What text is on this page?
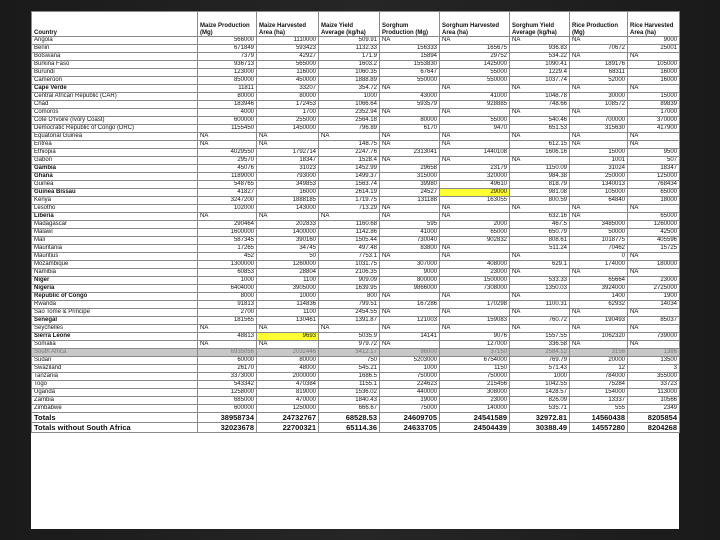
Country	Maize Production (Mg)	Maize Harvested Area (ha)	Maize Yield Average (kg/ha)	Sorghum Production (Mg)	Sorghum Harvested Area (ha)	Sorghum Yield Average (kg/ha)	Rice Production (Mg)	Rice Harvested Area (ha)	
Angola	566000	1110000	509.91	NA	NA	NA	NA	9000	
Benin	671849	593423	1132.33	156333	165675	936.83	70672	25001	
Botswana	7379	42927	171.9	15894	29752	534.22	NA	NA	
Burkina Faso	936713	565000	1603.2	1553830	1425000	1090.41	189176	105000	
Burundi	123000	116000	1060.35	67647	55000	1229.4	68311	16000	
Cameroon	850000	450000	1888.89	550000	550000	1037.74	52000	16000	
Cape Verde	11811	33207	354.72	NA	NA	NA	NA	NA	
Central African Republic (CAR)	80000	80000	1000	43000	41000	1048.78	30000	15000	
Chad	183946	172453	1066.64	593579	928885	748.66	108572	89839	
Comoros	4000	1700	2352.94	NA	NA	NA	NA	17000	
Cote D'Ivoire (Ivory Coast)	600000	255000	2564.18	80000	55000	540.46	700000	370000	
Democratic Republic of Congo (DRC)	1155450	1450000	796.89	6170	9470	651.53	315630	417900	
Equatorial Guinea	NA	NA	NA	NA	NA	NA	NA	NA	
Eritrea	NA	NA	148.75	NA	NA	612.15	NA	NA	
Ethiopia	4029550	1792714	2247.76	2313041	1440108	1606.16	15000	9500	
Gabon	29570	18347	1528.4	NA	NA	NA	1001	507	
Gambia	45076	31023	1452.99	29658	23179	1150.09	31024	18347	
Ghana	1189000	793000	1499.37	315000	320000	984.38	250000	125000	
Guinea	548765	349853	1563.74	39980	49610	818.79	1340013	768434	
Guinea Bissau	41827	16000	2614.19	24527	29000	981.08	105000	65000	
Kenya	3247200	1888185	1719.75	131188	163055	800.59	64840	18000	
Lesotho	102000	143000	713.29	NA	NA	NA	NA	NA	
Liberia	NA	NA	NA	NA	NA	632.16	NA	65000	
Madagascar	290464	202833	1160.68	595	2000	467.5	3485000	1260000	
Malawi	1600000	1400000	1142.86	41000	65000	650.79	50000	42500	
Mali	587345	390160	1505.44	730040	902832	808.61	1018775	405596	
Mauritania	17265	34745	497.48	83800	NA	511.24	70462	15725	
Mauritius	452	50	7753.1	NA	NA	NA	0	NA	
Mozambique	1300000	1260000	1031.75	307000	408000	629.1	174000	180000	
Namibia	60853	28804	2106.35	9000	23000	NA	NA	NA	
Niger	1000	1100	909.09	800000	1500000	533.33	65664	23000	
Nigeria	6404000	3905000	1639.95	9866000	7308000	1350.03	3924000	2725000	
Republic of Congo	8000	10000	800	NA	NA	NA	1400	1900	
Rwanda	91813	114836	799.51	167286	170298	1100.31	62932	14034	
Sao Tome & Principe	2700	1100	2454.55	NA	NA	NA	NA	NA	
Senegal	181565	130461	1391.87	121003	159083	760.72	190493	85037	
Seychelles	NA	NA	NA	NA	NA	NA	NA	NA	
Sierra Leone	48813	9693	5035.9	14141	9076	1557.55	1062320	739000	
Somalia	NA	NA	979.72	NA	127000	336.58	NA	NA	
South Africa	6935056	2032446	3412.17	96000	37150	2584.12	3156	1386	
Sudan	60000	80000	750	5203000	6754000	769.79	20000	13500	
Swaziland	26170	48000	545.21	1000	1150	571.43	12	3	
Tanzania	3373000	2000000	1686.5	750000	750000	1000	784000	355000	
Togo	543342	470384	1155.1	224623	215456	1042.55	75284	33723	
Uganda	1258000	819000	1536.02	440000	308000	1428.57	154000	113000	
Zambia	685000	470000	1840.43	19000	23000	826.09	13337	10566	
Zimbabwe	600000	1250000	666.67	75000	140000	535.71	555	2349	
Totals	38958734	24732767	68528.53	24609705	24541589	32972.81	14560438	8205854	
Totals without South Africa	32023678	22700321	65114.36	24633705	24504439	30388.49	14557280	8204268	
